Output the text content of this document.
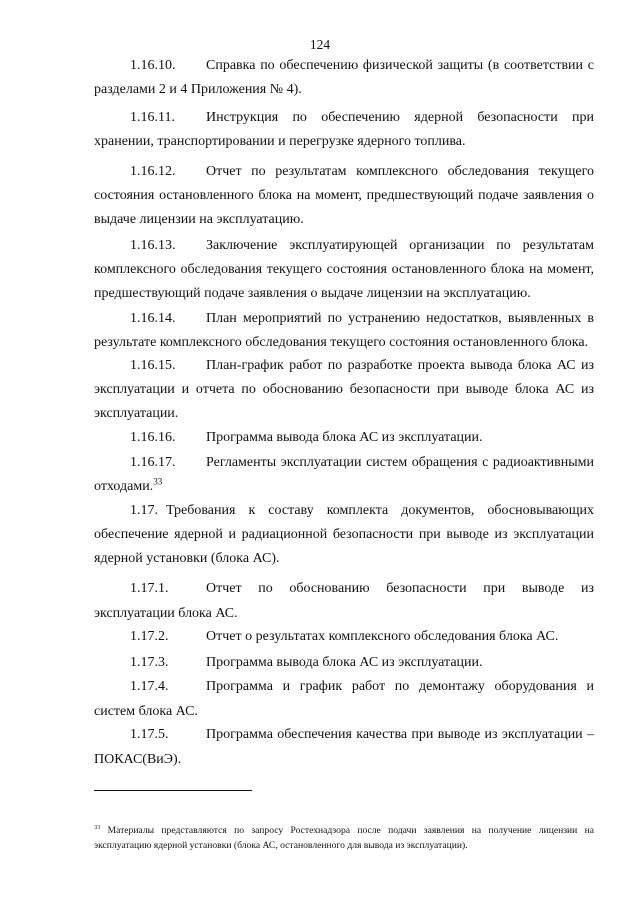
124

1.16.10. Справка по обеспечению физической защиты (в соответствии с разделами 2 и 4 Приложения № 4).

1.16.11. Инструкция по обеспечению ядерной безопасности при хранении, транспортировании и перегрузке ядерного топлива.

1.16.12. Отчет по результатам комплексного обследования текущего состояния остановленного блока на момент, предшествующий подаче заявления о выдаче лицензии на эксплуатацию.

1.16.13. Заключение эксплуатирующей организации по результатам комплексного обследования текущего состояния остановленного блока на момент, предшествующий подаче заявления о выдаче лицензии на эксплуатацию.

1.16.14. План мероприятий по устранению недостатков, выявленных в результате комплексного обследования текущего состояния остановленного блока.

1.16.15. План-график работ по разработке проекта вывода блока АС из эксплуатации и отчета по обоснованию безопасности при выводе блока АС из эксплуатации.

1.16.16. Программа вывода блока АС из эксплуатации.

1.16.17. Регламенты эксплуатации систем обращения с радиоактивными отходами.$^{33}$

1.17. Требования к составу комплекта документов, обосновывающих обеспечение ядерной и радиационной безопасности при выводе из эксплуатации ядерной установки (блока АС).

1.17.1.	Отчет по обоснованию безопасности при выводе из эксплуатации блока АС.

1.17.2.	Отчет о результатах комплексного обследования блока АС.

1.17.3.	Программа вывода блока АС из эксплуатации.

1.17.4.	Программа и график работ по демонтажу оборудования и систем блока АС.

1.17.5.	Программа обеспечения качества при выводе из эксплуатации – ПОКАС(ВиЭ).

$^{33}$ Материалы представляются по запросу Ростехнадзора после подачи заявления на получение лицензии на эксплуатацию ядерной установки (блока АС, остановленного для вывода из эксплуатации).
